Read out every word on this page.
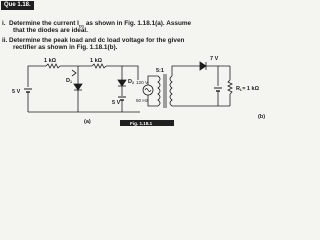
Que 1.18.
i. Determine the current $I_{D1}$ as shown in Fig. 1.18.1(a). Assume

that the diodes are ideal.

ii. Determine the peak load and dc load voltage for the given

rectifier as shown in Fig. 1.18.1(b).

1 kΩ	1 kΩ
5 V
D1	D2
5 V
(a)
5:1
120 V
50 Hz
7 V
RL= 1 kΩ
(b)
Fig. 1.18.1
